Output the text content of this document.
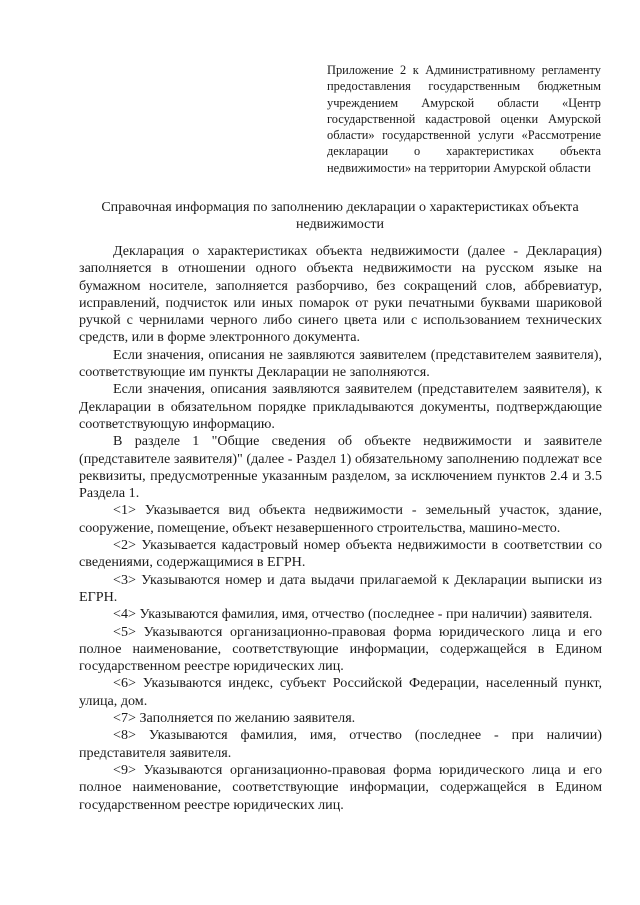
Приложение 2 к Административному регламенту предоставления государственным бюджетным учреждением Амурской области «Центр государственной кадастровой оценки Амурской области» государственной услуги «Рассмотрение декларации о характеристиках объекта недвижимости» на территории Амурской области
Справочная информация по заполнению декларации о характеристиках объекта недвижимости

Декларация о характеристиках объекта недвижимости (далее - Декларация) заполняется в отношении одного объекта недвижимости на русском языке на бумажном носителе, заполняется разборчиво, без сокращений слов, аббревиатур, исправлений, подчисток или иных помарок от руки печатными буквами шариковой ручкой с чернилами черного либо синего цвета или с использованием технических средств, или в форме электронного документа.

Если значения, описания не заявляются заявителем (представителем заявителя), соответствующие им пункты Декларации не заполняются.

Если значения, описания заявляются заявителем (представителем заявителя), к Декларации в обязательном порядке прикладываются документы, подтверждающие соответствующую информацию.

В разделе 1 "Общие сведения об объекте недвижимости и заявителе (представителе заявителя)" (далее - Раздел 1) обязательному заполнению подлежат все реквизиты, предусмотренные указанным разделом, за исключением пунктов 2.4 и 3.5 Раздела 1.

<1> Указывается вид объекта недвижимости - земельный участок, здание, сооружение, помещение, объект незавершенного строительства, машино-место.

<2> Указывается кадастровый номер объекта недвижимости в соответствии со сведениями, содержащимися в ЕГРН.

<3> Указываются номер и дата выдачи прилагаемой к Декларации выписки из ЕГРН.

<4> Указываются фамилия, имя, отчество (последнее - при наличии) заявителя.

<5> Указываются организационно-правовая форма юридического лица и его полное наименование, соответствующие информации, содержащейся в Едином государственном реестре юридических лиц.

<6> Указываются индекс, субъект Российской Федерации, населенный пункт, улица, дом.

<7> Заполняется по желанию заявителя.

<8> Указываются фамилия, имя, отчество (последнее - при наличии) представителя заявителя.

<9> Указываются организационно-правовая форма юридического лица и его полное наименование, соответствующие информации, содержащейся в Едином государственном реестре юридических лиц.
